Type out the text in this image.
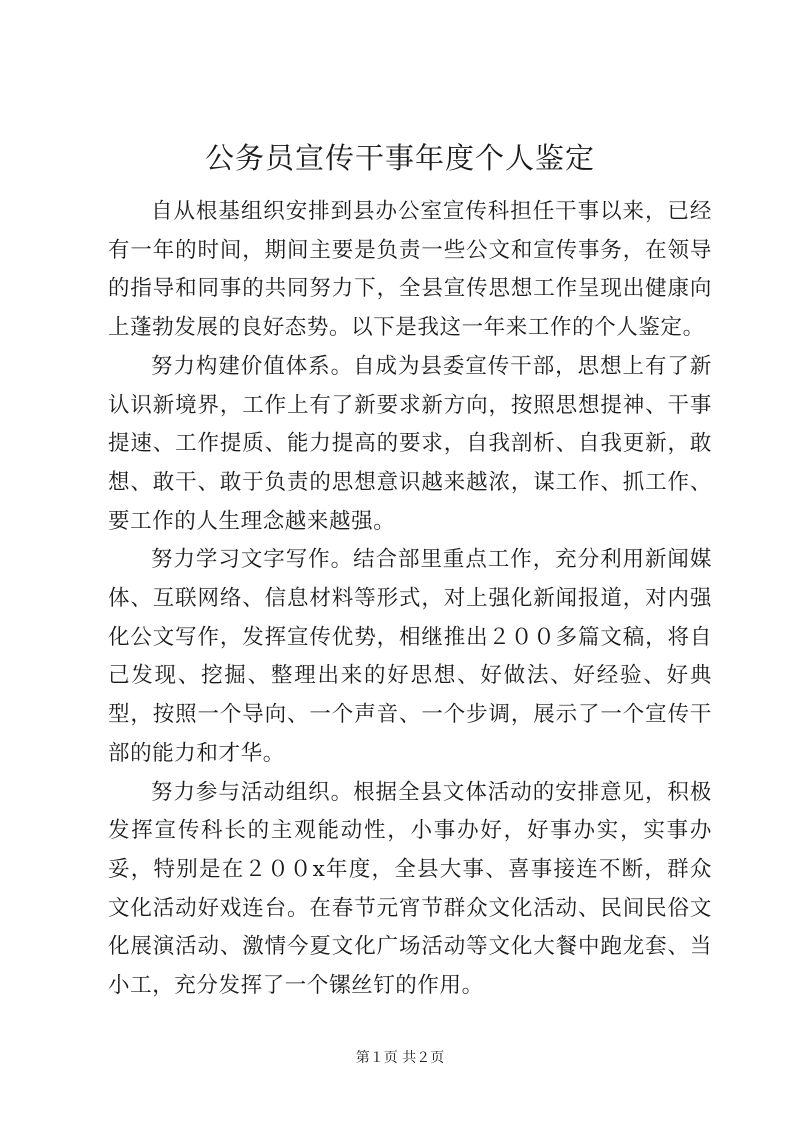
公务员宣传干事年度个人鉴定

自从根基组织安排到县办公室宣传科担任干事以来，已经有一年的时间，期间主要是负责一些公文和宣传事务，在领导的指导和同事的共同努力下，全县宣传思想工作呈现出健康向上蓬勃发展的良好态势。以下是我这一年来工作的个人鉴定。

努力构建价值体系。自成为县委宣传干部，思想上有了新认识新境界，工作上有了新要求新方向，按照思想提神、干事提速、工作提质、能力提高的要求，自我剖析、自我更新，敢想、敢干、敢于负责的思想意识越来越浓，谋工作、抓工作、要工作的人生理念越来越强。

努力学习文字写作。结合部里重点工作，充分利用新闻媒体、互联网络、信息材料等形式，对上强化新闻报道，对内强化公文写作，发挥宣传优势，相继推出２００多篇文稿，将自己发现、挖掘、整理出来的好思想、好做法、好经验、好典型，按照一个导向、一个声音、一个步调，展示了一个宣传干部的能力和才华。

努力参与活动组织。根据全县文体活动的安排意见，积极发挥宣传科长的主观能动性，小事办好，好事办实，实事办妥，特别是在２００x年度，全县大事、喜事接连不断，群众文化活动好戏连台。在春节元宵节群众文化活动、民间民俗文化展演活动、激情今夏文化广场活动等文化大餐中跑龙套、当小工，充分发挥了一个镙丝钉的作用。

第１页 共２页
